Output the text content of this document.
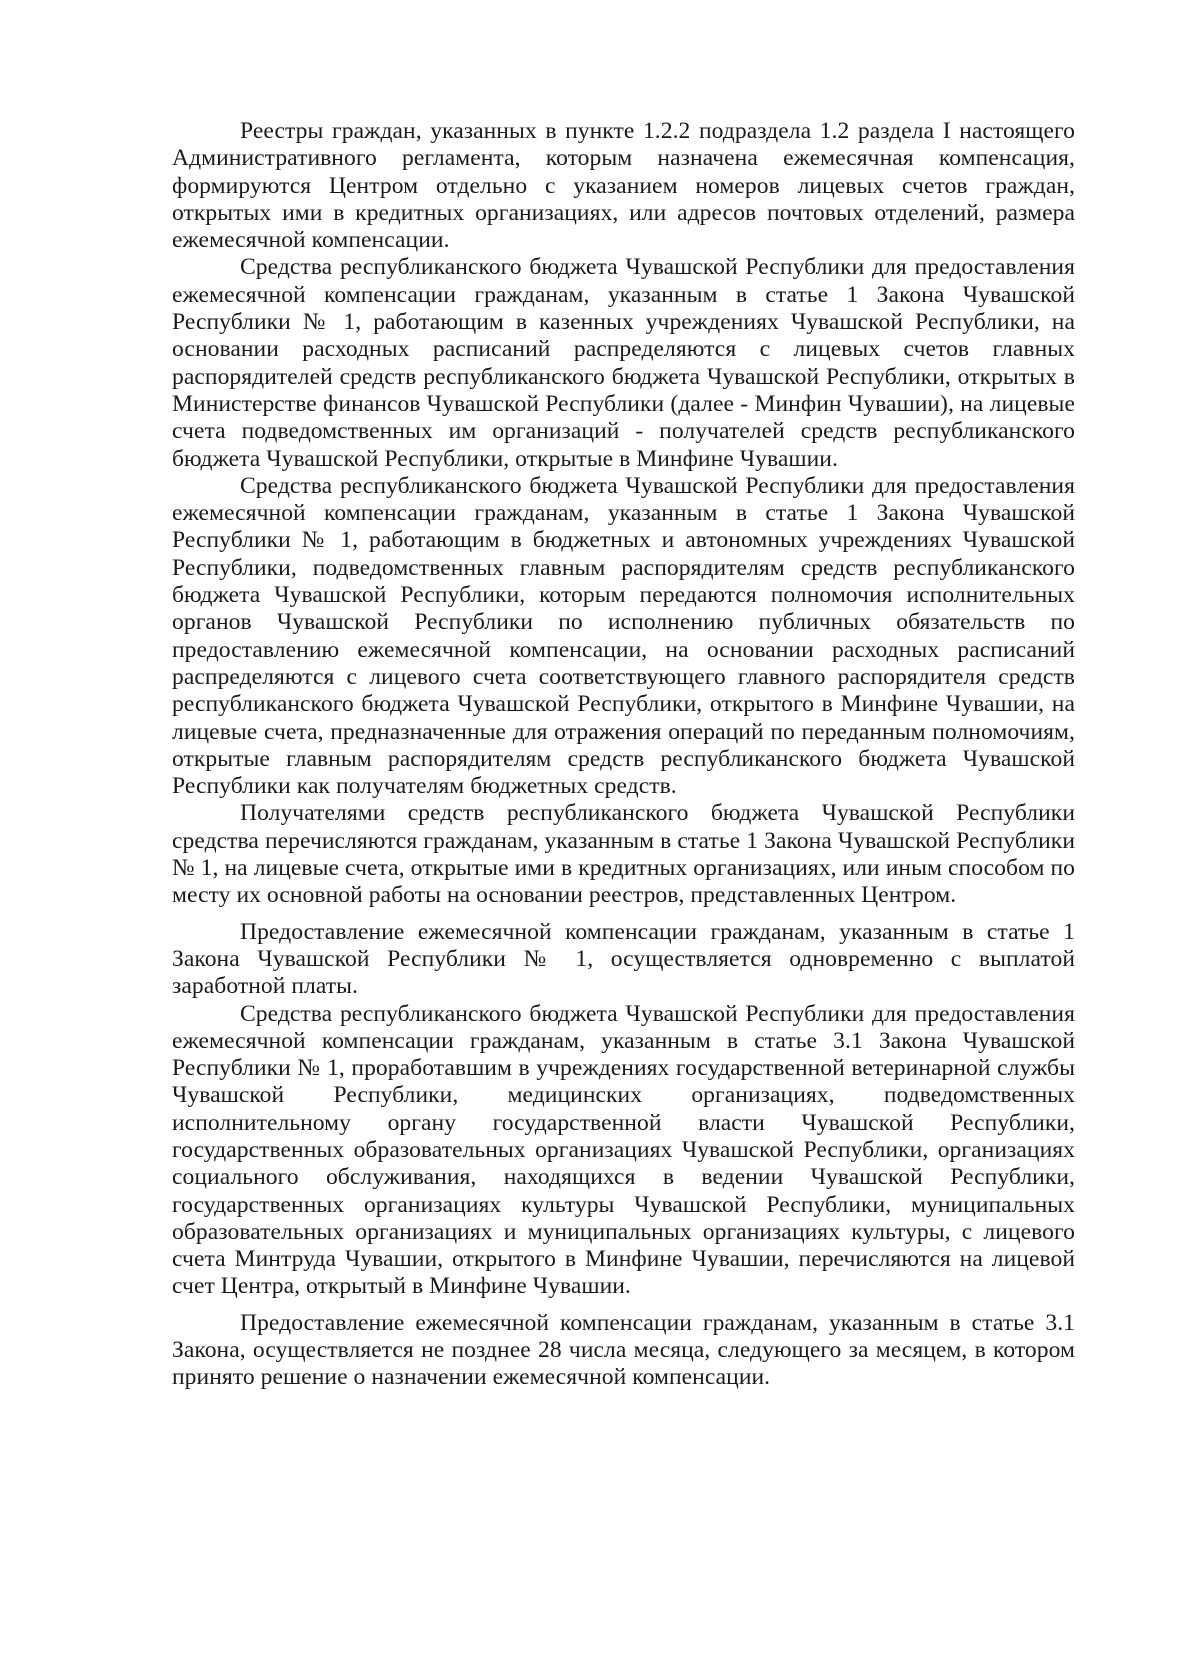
Реестры граждан, указанных в пункте 1.2.2 подраздела 1.2 раздела I настоящего Административного регламента, которым назначена ежемесячная компенсация, формируются Центром отдельно с указанием номеров лицевых счетов граждан, открытых ими в кредитных организациях, или адресов почтовых отделений, размера ежемесячной компенсации.

Средства республиканского бюджета Чувашской Республики для предоставления ежемесячной компенсации гражданам, указанным в статье 1 Закона Чувашской Республики № 1, работающим в казенных учреждениях Чувашской Республики, на основании расходных расписаний распределяются с лицевых счетов главных распорядителей средств республиканского бюджета Чувашской Республики, открытых в Министерстве финансов Чувашской Республики (далее - Минфин Чувашии), на лицевые счета подведомственных им организаций - получателей средств республиканского бюджета Чувашской Республики, открытые в Минфине Чувашии.

Средства республиканского бюджета Чувашской Республики для предоставления ежемесячной компенсации гражданам, указанным в статье 1 Закона Чувашской Республики № 1, работающим в бюджетных и автономных учреждениях Чувашской Республики, подведомственных главным распорядителям средств республиканского бюджета Чувашской Республики, которым передаются полномочия исполнительных органов Чувашской Республики по исполнению публичных обязательств по предоставлению ежемесячной компенсации, на основании расходных расписаний распределяются с лицевого счета соответствующего главного распорядителя средств республиканского бюджета Чувашской Республики, открытого в Минфине Чувашии, на лицевые счета, предназначенные для отражения операций по переданным полномочиям, открытые главным распорядителям средств республиканского бюджета Чувашской Республики как получателям бюджетных средств.

Получателями средств республиканского бюджета Чувашской Республики средства перечисляются гражданам, указанным в статье 1 Закона Чувашской Республики № 1, на лицевые счета, открытые ими в кредитных организациях, или иным способом по месту их основной работы на основании реестров, представленных Центром.

Предоставление ежемесячной компенсации гражданам, указанным в статье 1 Закона Чувашской Республики № 1, осуществляется одновременно с выплатой заработной платы.

Средства республиканского бюджета Чувашской Республики для предоставления ежемесячной компенсации гражданам, указанным в статье 3.1 Закона Чувашской Республики № 1, проработавшим в учреждениях государственной ветеринарной службы Чувашской Республики, медицинских организациях, подведомственных исполнительному органу государственной власти Чувашской Республики, государственных образовательных организациях Чувашской Республики, организациях социального обслуживания, находящихся в ведении Чувашской Республики, государственных организациях культуры Чувашской Республики, муниципальных образовательных организациях и муниципальных организациях культуры, с лицевого счета Минтруда Чувашии, открытого в Минфине Чувашии, перечисляются на лицевой счет Центра, открытый в Минфине Чувашии.

Предоставление ежемесячной компенсации гражданам, указанным в статье 3.1 Закона, осуществляется не позднее 28 числа месяца, следующего за месяцем, в котором принято решение о назначении ежемесячной компенсации.
